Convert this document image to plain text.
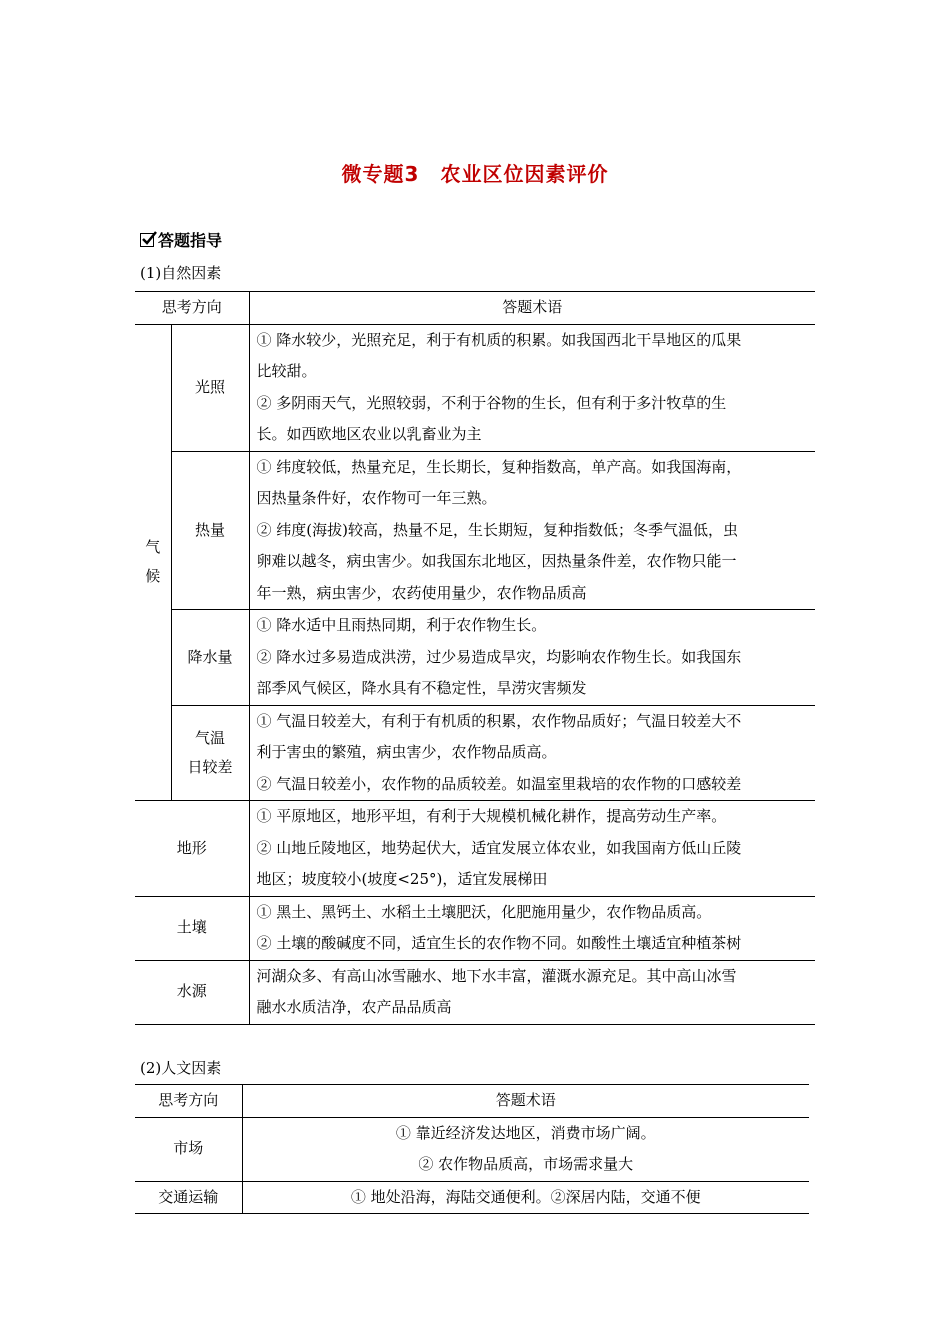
微专题3　农业区位因素评价
答题指导
(1)自然因素
思考方向		答题术语

气
候	光照	① 降水较少，光照充足，利于有机质的积累。如我国西北干旱地区的瓜果
比较甜。
② 多阴雨天气，光照较弱，不利于谷物的生长，但有利于多汁牧草的生
长。如西欧地区农业以乳畜业为主

	热量	① 纬度较低，热量充足，生长期长，复种指数高，单产高。如我国海南，
因热量条件好，农作物可一年三熟。
② 纬度(海拔)较高，热量不足，生长期短，复种指数低；冬季气温低，虫
卵难以越冬，病虫害少。如我国东北地区，因热量条件差，农作物只能一
年一熟，病虫害少，农药使用量少，农作物品质高

	降水量	① 降水适中且雨热同期，利于农作物生长。
② 降水过多易造成洪涝，过少易造成旱灾，均影响农作物生长。如我国东
部季风气候区，降水具有不稳定性，旱涝灾害频发

	气温
日较差	① 气温日较差大，有利于有机质的积累，农作物品质好；气温日较差大不
利于害虫的繁殖，病虫害少，农作物品质高。
② 气温日较差小，农作物的品质较差。如温室里栽培的农作物的口感较差

地形		① 平原地区，地形平坦，有利于大规模机械化耕作，提高劳动生产率。
② 山地丘陵地区，地势起伏大，适宜发展立体农业，如我国南方低山丘陵
地区；坡度较小(坡度<25°)，适宜发展梯田

土壤		① 黑土、黑钙土、水稻土土壤肥沃，化肥施用量少，农作物品质高。
② 土壤的酸碱度不同，适宜生长的农作物不同。如酸性土壤适宜种植茶树

水源		河湖众多、有高山冰雪融水、地下水丰富，灌溉水源充足。其中高山冰雪
融水水质洁净，农产品品质高
(2)人文因素
思考方向	答题术语
市场	① 靠近经济发达地区，消费市场广阔。
② 农作物品质高，市场需求量大

交通运输	① 地处沿海，海陆交通便利。②深居内陆，交通不便
